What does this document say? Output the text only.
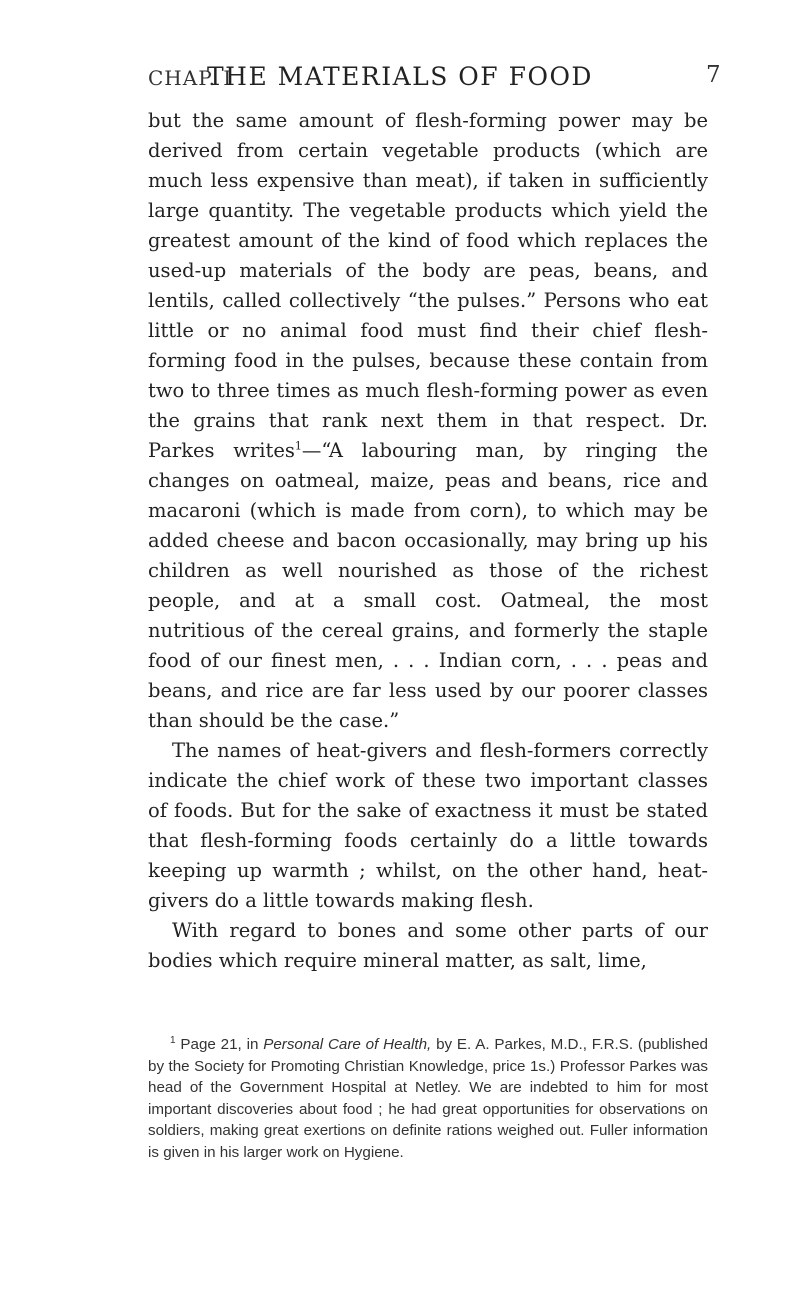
CHAP. I
THE MATERIALS OF FOOD	7

but the same amount of flesh-forming power may be derived from certain vegetable products (which are much less expensive than meat), if taken in sufficiently large quantity. The vegetable products which yield the greatest amount of the kind of food which replaces the used-up materials of the body are peas, beans, and lentils, called collectively “the pulses.” Persons who eat little or no animal food must find their chief flesh-forming food in the pulses, because these contain from two to three times as much flesh-forming power as even the grains that rank next them in that respect. Dr. Parkes writes$^1$—“A labouring man, by ringing the changes on oatmeal, maize, peas and beans, rice and macaroni (which is made from corn), to which may be added cheese and bacon occasionally, may bring up his children as well nourished as those of the richest people, and at a small cost. Oatmeal, the most nutritious of the cereal grains, and formerly the staple food of our finest men, . . . Indian corn, . . . peas and beans, and rice are far less used by our poorer classes than should be the case.”

The names of heat-givers and flesh-formers correctly indicate the chief work of these two important classes of foods. But for the sake of exactness it must be stated that flesh-forming foods certainly do a little towards keeping up warmth ; whilst, on the other hand, heat-givers do a little towards making flesh.

With regard to bones and some other parts of our bodies which require mineral matter, as salt, lime,

$^1$ Page 21, in Personal Care of Health, by E. A. Parkes, M.D., F.R.S. (published by the Society for Promoting Christian Knowledge, price 1s.) Professor Parkes was head of the Government Hospital at Netley. We are indebted to him for most important discoveries about food ; he had great opportunities for observations on soldiers, making great exertions on definite rations weighed out. Fuller information is given in his larger work on Hygiene.
